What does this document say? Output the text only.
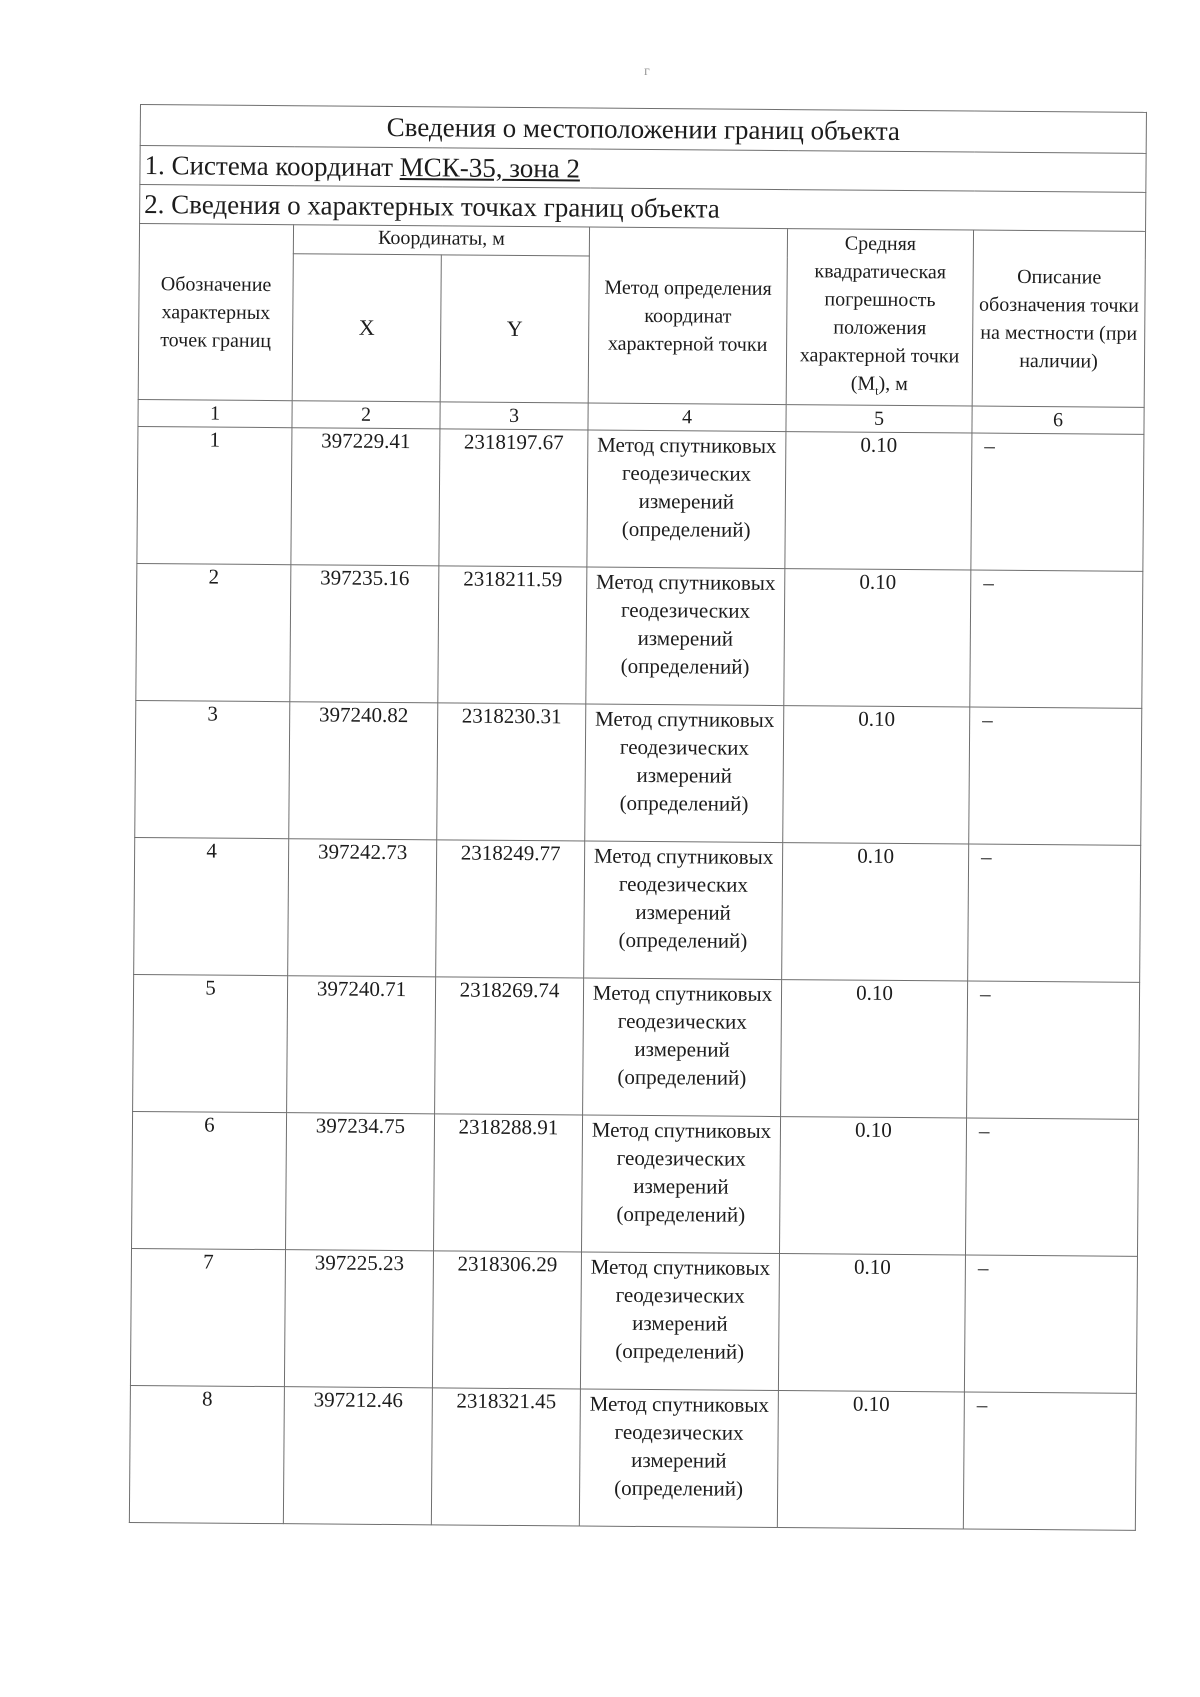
г
Сведения о местоположении границ объекта					
1. Система координат МСК-35, зона 2					
2. Сведения о характерных точках границ объекта					
Обозначение характерных точек границ	Координаты, м		Метод определения координат характерной точки	Средняя квадратическая погрешность положения характерной точки $(M_t)$, м	Описание обозначения точки на местности (при наличии)
	X	Y			
1	2	3	4	5	6
1	397229.41	2318197.67	Метод спутниковых геодезических измерений (определений)	0.10	–
2	397235.16	2318211.59	Метод спутниковых геодезических измерений (определений)	0.10	–
3	397240.82	2318230.31	Метод спутниковых геодезических измерений (определений)	0.10	–
4	397242.73	2318249.77	Метод спутниковых геодезических измерений (определений)	0.10	–
5	397240.71	2318269.74	Метод спутниковых геодезических измерений (определений)	0.10	–
6	397234.75	2318288.91	Метод спутниковых геодезических измерений (определений)	0.10	–
7	397225.23	2318306.29	Метод спутниковых геодезических измерений (определений)	0.10	–
8	397212.46	2318321.45	Метод спутниковых геодезических измерений (определений)	0.10	–
